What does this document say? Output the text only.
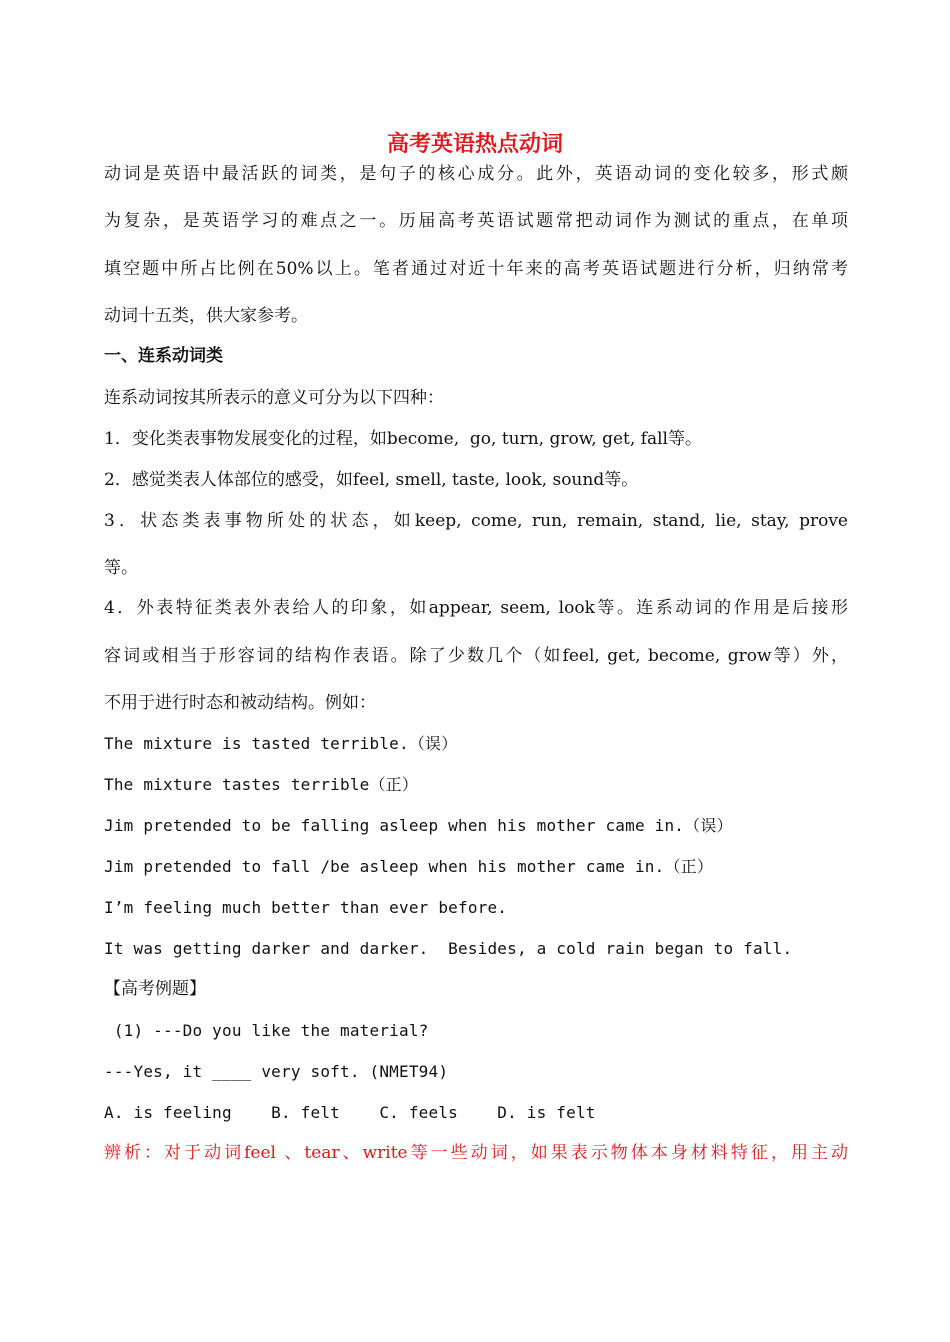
高考英语热点动词
动词是英语中最活跃的词类，是句子的核心成分。此外，英语动词的变化较多，形式颇
为复杂，是英语学习的难点之一。历届高考英语试题常把动词作为测试的重点，在单项
填空题中所占比例在50%以上。笔者通过对近十年来的高考英语试题进行分析，归纳常考
动词十五类，供大家参考。
一、连系动词类
连系动词按其所表示的意义可分为以下四种：
1．变化类表事物发展变化的过程，如become,  go, turn, grow, get, fall等。
2．感觉类表人体部位的感受，如feel, smell, taste, look, sound等。
3．状态类表事物所处的状态，如keep, come, run, remain, stand, lie, stay, prove
等。
4．外表特征类表外表给人的印象，如appear, seem, look等。连系动词的作用是后接形
容词或相当于形容词的结构作表语。除了少数几个（如feel, get, become, grow等）外，
不用于进行时态和被动结构。例如：
The mixture is tasted terrible.（误）
The mixture tastes terrible（正）
Jim pretended to be falling asleep when his mother came in.（误）
Jim pretended to fall /be asleep when his mother came in.（正）
I’m feeling much better than ever before.
It was getting darker and darker.  Besides, a cold rain began to fall.
【高考例题】
(1) ---Do you like the material?
---Yes, it ____ very soft. (NMET94)
A. is feeling    B. felt    C. feels    D. is felt
辨析：对于动词feel 、tear、write等一些动词，如果表示物体本身材料特征，用主动
